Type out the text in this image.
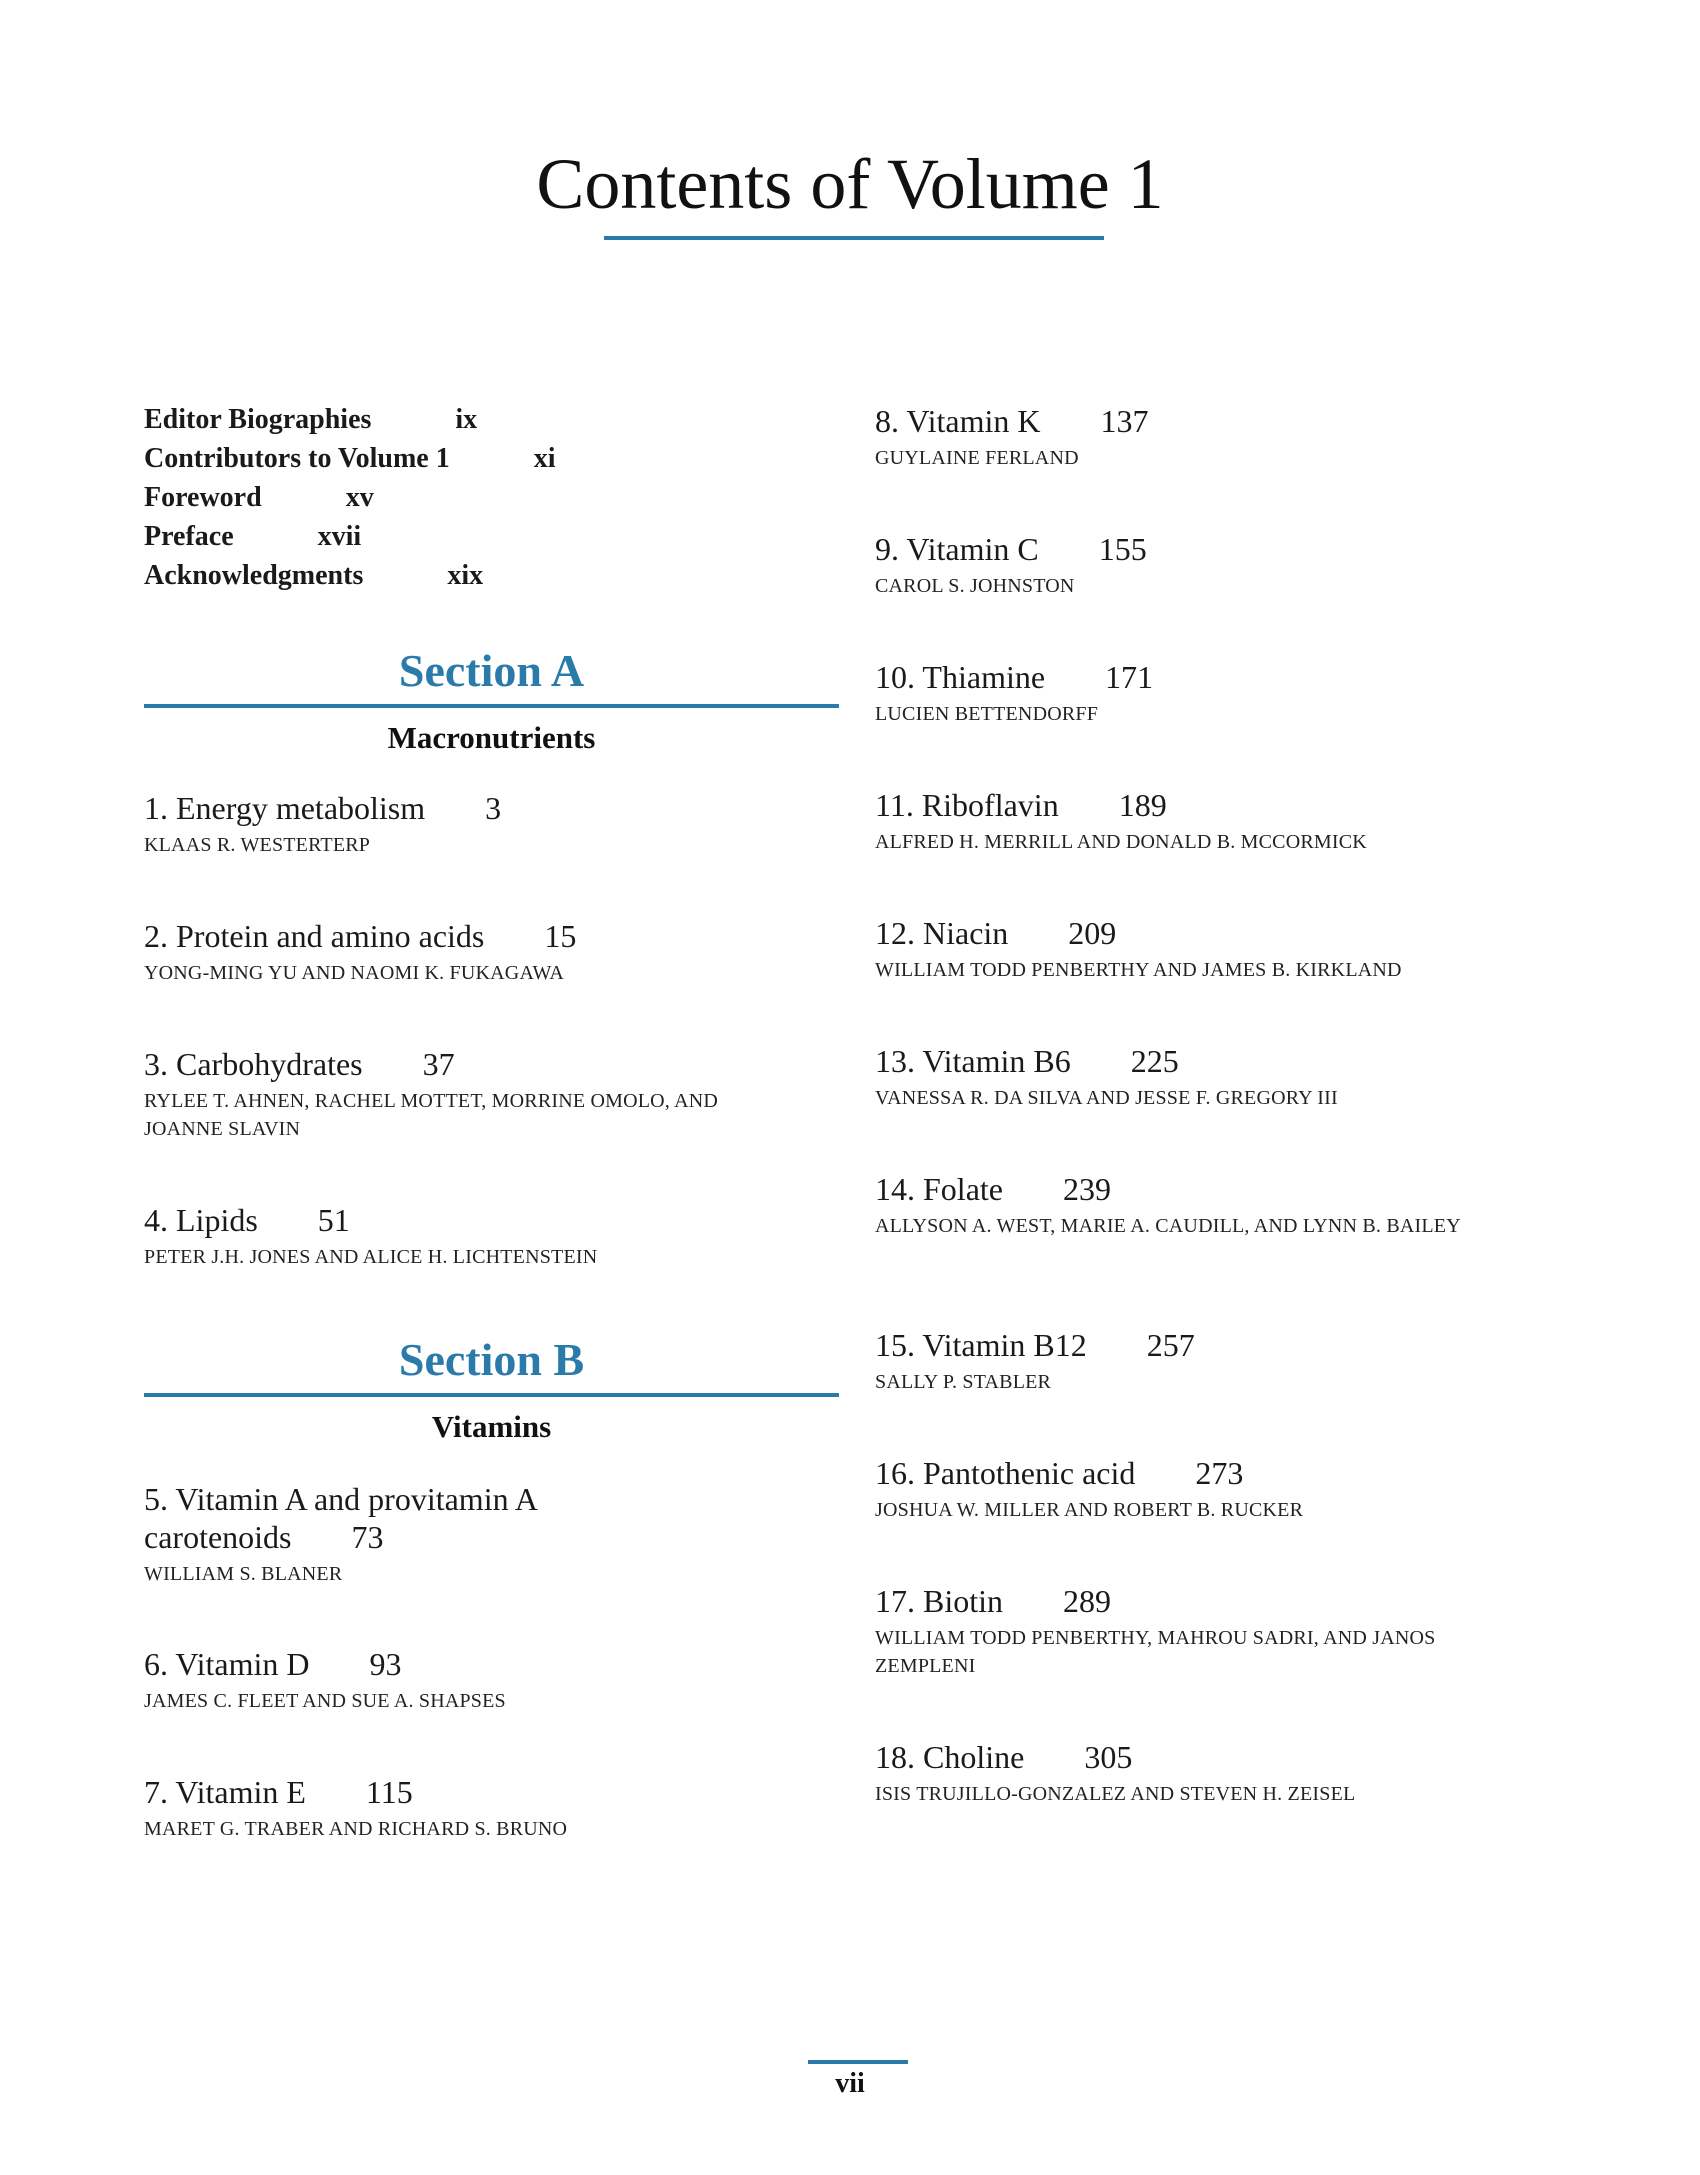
Contents of Volume 1
Editor Biographies	ix
Contributors to Volume 1	xi
Foreword	xv
Preface	xvii
Acknowledgments	xix
Section A
Macronutrients
1. Energy metabolism 3
KLAAS R. WESTERTERP
2. Protein and amino acids 15
YONG-MING YU AND NAOMI K. FUKAGAWA
3. Carbohydrates 37
RYLEE T. AHNEN, RACHEL MOTTET, MORRINE OMOLO, AND JOANNE SLAVIN
4. Lipids 51
PETER J.H. JONES AND ALICE H. LICHTENSTEIN
Section B
Vitamins
5. Vitamin A and provitamin A carotenoids 73
WILLIAM S. BLANER
6. Vitamin D 93
JAMES C. FLEET AND SUE A. SHAPSES
7. Vitamin E 115
MARET G. TRABER AND RICHARD S. BRUNO
8. Vitamin K 137
GUYLAINE FERLAND
9. Vitamin C 155
CAROL S. JOHNSTON
10. Thiamine 171
LUCIEN BETTENDORFF
11. Riboflavin 189
ALFRED H. MERRILL AND DONALD B. MCCORMICK
12. Niacin 209
WILLIAM TODD PENBERTHY AND JAMES B. KIRKLAND
13. Vitamin B6 225
VANESSA R. DA SILVA AND JESSE F. GREGORY III
14. Folate 239
ALLYSON A. WEST, MARIE A. CAUDILL, AND LYNN B. BAILEY
15. Vitamin B12 257
SALLY P. STABLER
16. Pantothenic acid 273
JOSHUA W. MILLER AND ROBERT B. RUCKER
17. Biotin 289
WILLIAM TODD PENBERTHY, MAHROU SADRI, AND JANOS ZEMPLENI
18. Choline 305
ISIS TRUJILLO-GONZALEZ AND STEVEN H. ZEISEL
vii
